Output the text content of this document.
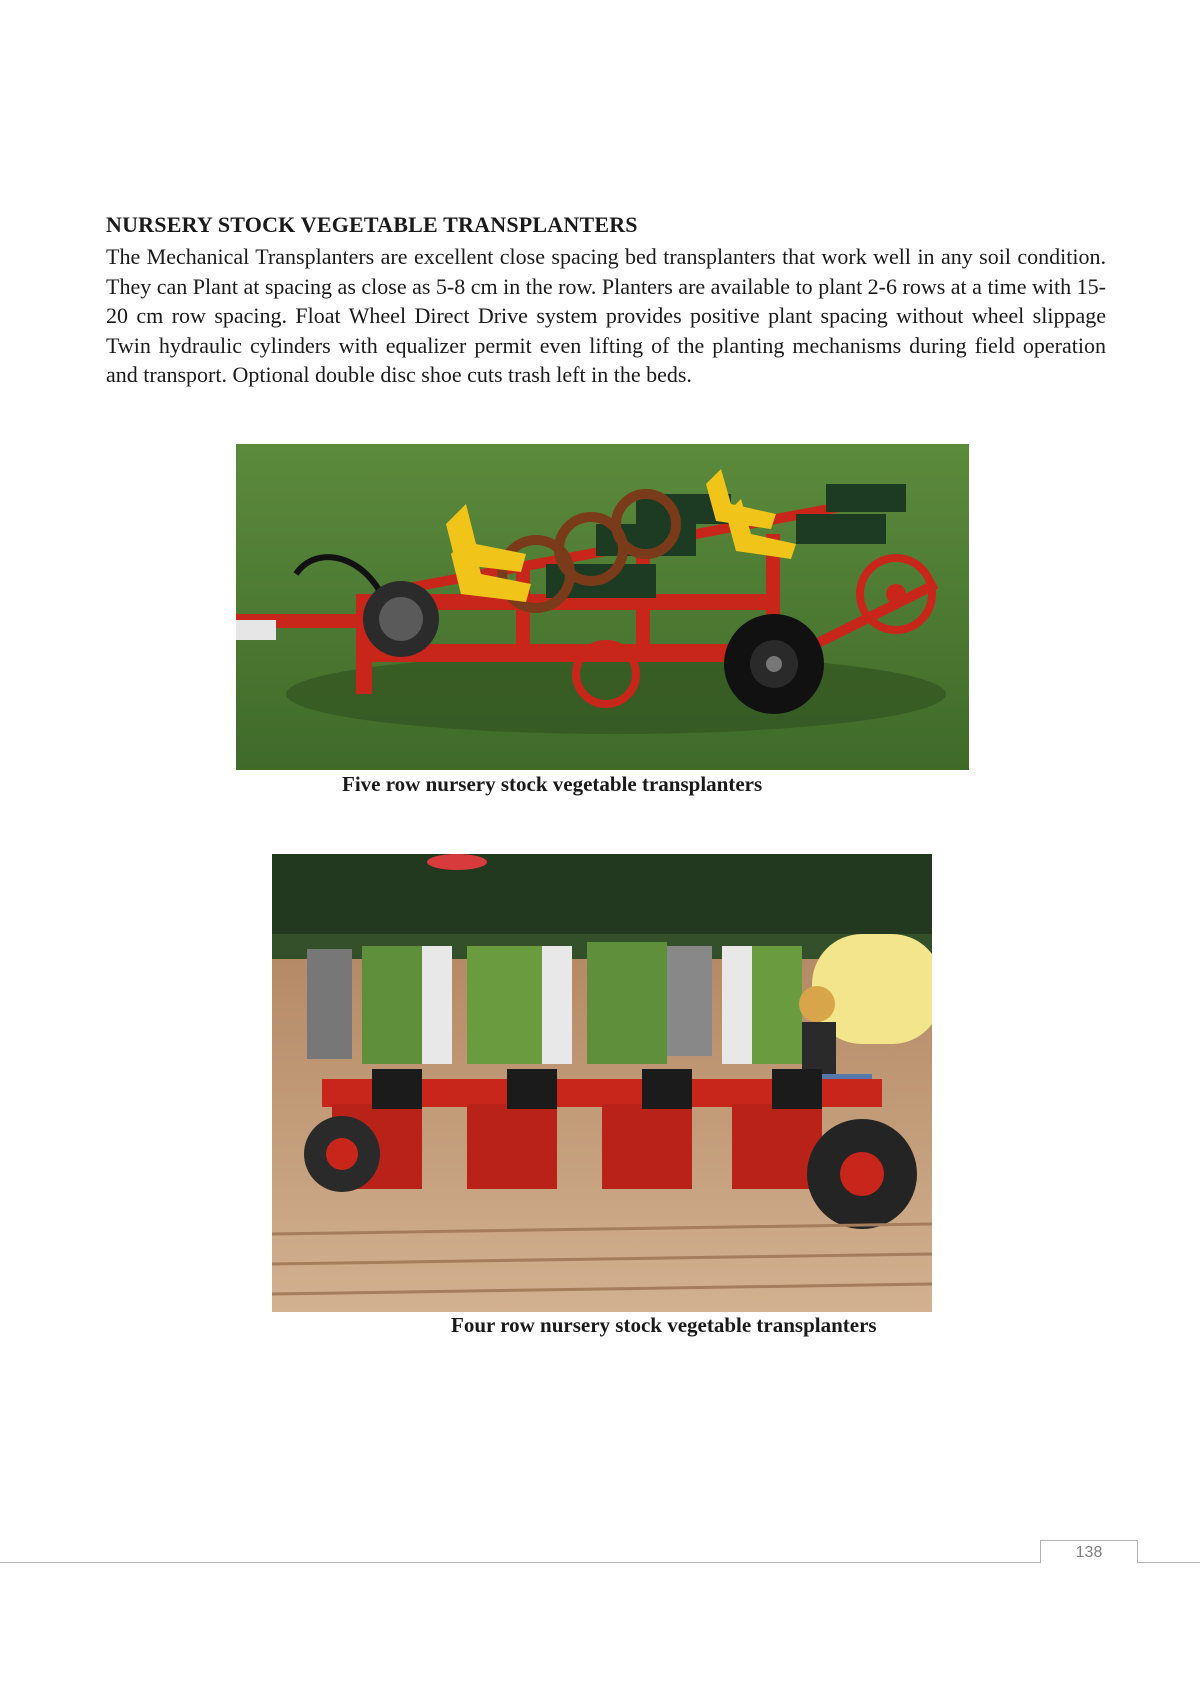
NURSERY STOCK VEGETABLE TRANSPLANTERS
The Mechanical Transplanters are excellent close spacing bed transplanters that work well in any soil condition. They can Plant at spacing as close as 5-8 cm in the row. Planters are available to plant 2-6 rows at a time with 15-20 cm row spacing. Float Wheel Direct Drive system provides positive plant spacing without wheel slippage Twin hydraulic cylinders with equalizer permit even lifting of the planting mechanisms during field operation and transport. Optional double disc shoe cuts trash left in the beds.
Five row nursery stock vegetable transplanters
Four row nursery stock vegetable transplanters
138
